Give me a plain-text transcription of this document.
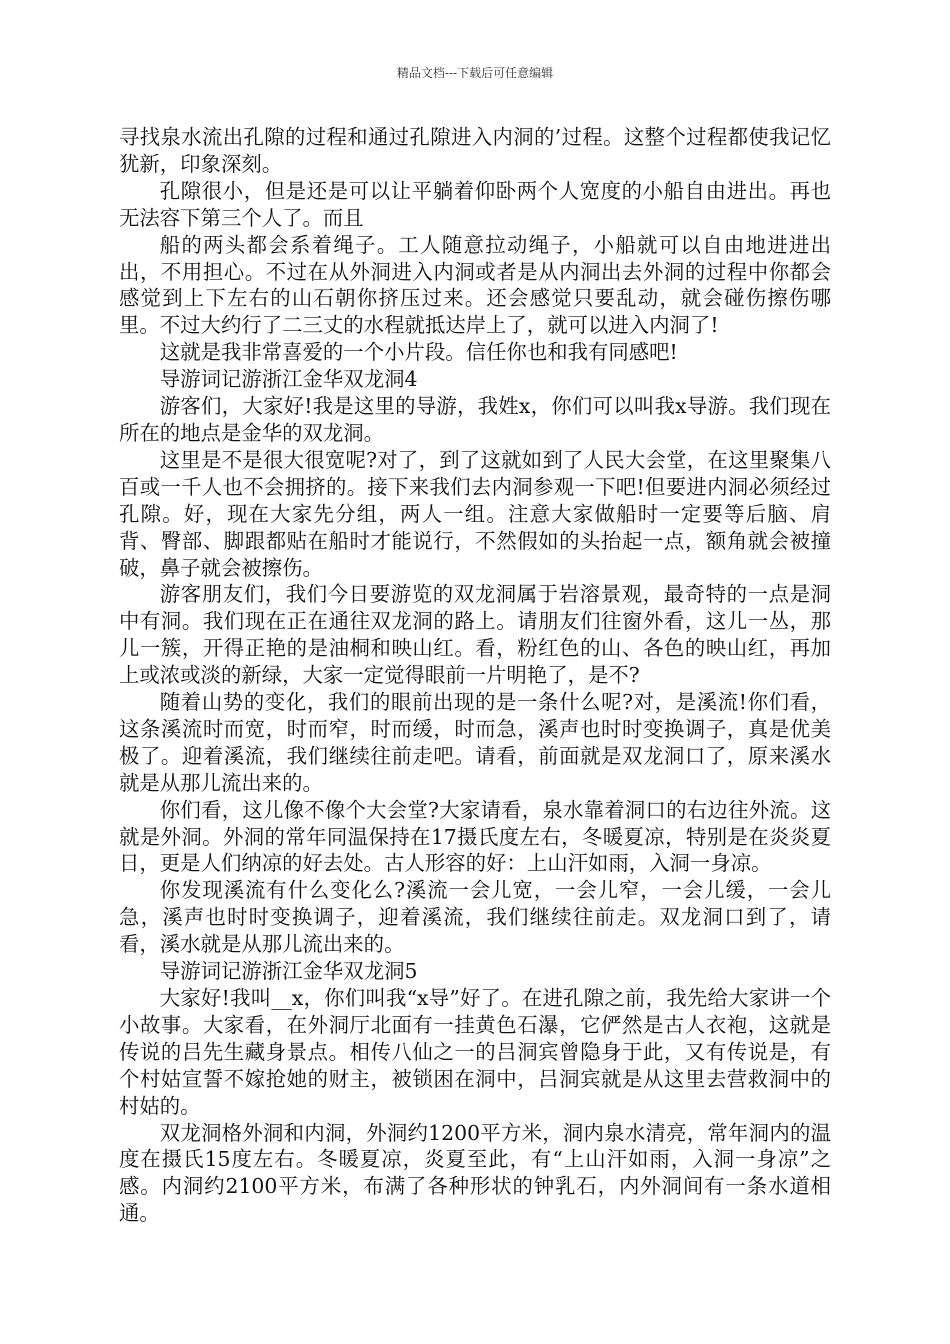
精品文档---下载后可任意编辑

寻找泉水流出孔隙的过程和通过孔隙进入内洞的’过程。这整个过程都使我记忆犹新，印象深刻。

孔隙很小，但是还是可以让平躺着仰卧两个人宽度的小船自由进出。再也无法容下第三个人了。而且

船的两头都会系着绳子。工人随意拉动绳子，小船就可以自由地进进出出，不用担心。不过在从外洞进入内洞或者是从内洞出去外洞的过程中你都会感觉到上下左右的山石朝你挤压过来。还会感觉只要乱动，就会碰伤擦伤哪里。不过大约行了二三丈的水程就抵达岸上了，就可以进入内洞了!

这就是我非常喜爱的一个小片段。信任你也和我有同感吧!

导游词记游浙江金华双龙洞4

游客们，大家好!我是这里的导游，我姓x，你们可以叫我x导游。我们现在所在的地点是金华的双龙洞。

这里是不是很大很宽呢?对了，到了这就如到了人民大会堂，在这里聚集八百或一千人也不会拥挤的。接下来我们去内洞参观一下吧!但要进内洞必须经过孔隙。好，现在大家先分组，两人一组。注意大家做船时一定要等后脑、肩背、臀部、脚跟都贴在船时才能说行，不然假如的头抬起一点，额角就会被撞破，鼻子就会被擦伤。

游客朋友们，我们今日要游览的双龙洞属于岩溶景观，最奇特的一点是洞中有洞。我们现在正在通往双龙洞的路上。请朋友们往窗外看，这儿一丛，那儿一簇，开得正艳的是油桐和映山红。看，粉红色的山、各色的映山红，再加上或浓或淡的新绿，大家一定觉得眼前一片明艳了，是不?

随着山势的变化，我们的眼前出现的是一条什么呢?对，是溪流!你们看，这条溪流时而宽，时而窄，时而缓，时而急，溪声也时时变换调子，真是优美极了。迎着溪流，我们继续往前走吧。请看，前面就是双龙洞口了，原来溪水就是从那儿流出来的。

你们看，这儿像不像个大会堂?大家请看，泉水靠着洞口的右边往外流。这就是外洞。外洞的常年同温保持在17摄氏度左右，冬暖夏凉，特别是在炎炎夏日，更是人们纳凉的好去处。古人形容的好：上山汗如雨，入洞一身凉。

你发现溪流有什么变化么?溪流一会儿宽，一会儿窄，一会儿缓，一会儿急，溪声也时时变换调子，迎着溪流，我们继续往前走。双龙洞口到了，请看，溪水就是从那儿流出来的。

导游词记游浙江金华双龙洞5

大家好!我叫__x，你们叫我“x导”好了。在进孔隙之前，我先给大家讲一个小故事。大家看，在外洞厅北面有一挂黄色石瀑，它俨然是古人衣袍，这就是传说的吕先生藏身景点。相传八仙之一的吕洞宾曾隐身于此，又有传说是，有个村姑宣誓不嫁抢她的财主，被锁困在洞中，吕洞宾就是从这里去营救洞中的村姑的。

双龙洞格外洞和内洞，外洞约1200平方米，洞内泉水清亮，常年洞内的温度在摄氏15度左右。冬暖夏凉，炎夏至此，有“上山汗如雨，入洞一身凉”之感。内洞约2100平方米，布满了各种形状的钟乳石，内外洞间有一条水道相通。
